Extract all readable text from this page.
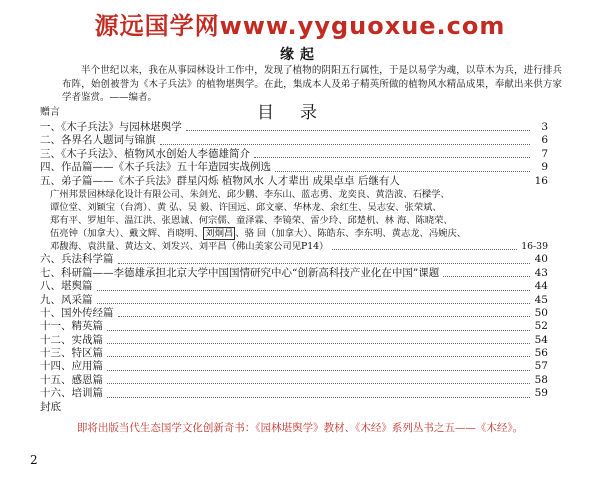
源远国学网www.yyguoxue.com
缘起
半个世纪以来，我在从事园林设计工作中，发现了植物的阴阳五行属性，于是以易学为魂，以草木为兵，进行排兵布阵，始创被誉为《木子兵法》的植物堪舆学。在此，集成本人及弟子精英所做的植物风水精品成果，奉献出来供方家学者鉴赏。——编者。
赠言	目录
一、《木子兵法》与园林堪舆学	3
二、各界名人题词与锦旗	6
三、《木子兵法》、植物风水创始人李德雄简介	7
四、作品篇——《木子兵法》五十年造园实战例选	9
五、弟子篇——《木子兵法》群星闪烁 植物风水 人才辈出 成果卓卓 后继有人	16
广州邦景园林绿化设计有限公司、朱剑光、邱少鹏、李东山、蓝志勇、龙奕良、黄浩波、石樑学、
谭位堂、刘颖宝（台湾）、黄 弘、吴 毅、许国远、邱文豪、华林龙、余红生、吴志安、张荣斌、
郑有平、罗旭年、温江洪、张恩诚、何宗儒、童泽霖、李镜荣、雷少玲、邱楚机、林 海、陈晓荣、
伍亮钟（加拿大）、戴文辉、肖晓明、 刘炯昌 、骆 回（加拿大）、陈皓东、李东明、黄志龙、冯婉庆、
邓馥海、袁洪量、黄达文、刘发兴、刘平昌（佛山美家公司见P14）	16-39
六、兵法科学篇	40
七、科研篇——李德雄承担北京大学中国国情研究中心“创新高科技产业化在中国”课题	43
八、堪舆篇	44
九、风采篇	45
十、国外传经篇	50
十一、精英篇	52
十二、实战篇	54
十三、特区篇	56
十四、应用篇	57
十五、感恩篇	58
十六、培训篇	59
封底
即将出版当代生态国学文化创新奇书：《园林堪舆学》教材、《木经》系列丛书之五——《木经》。
2
